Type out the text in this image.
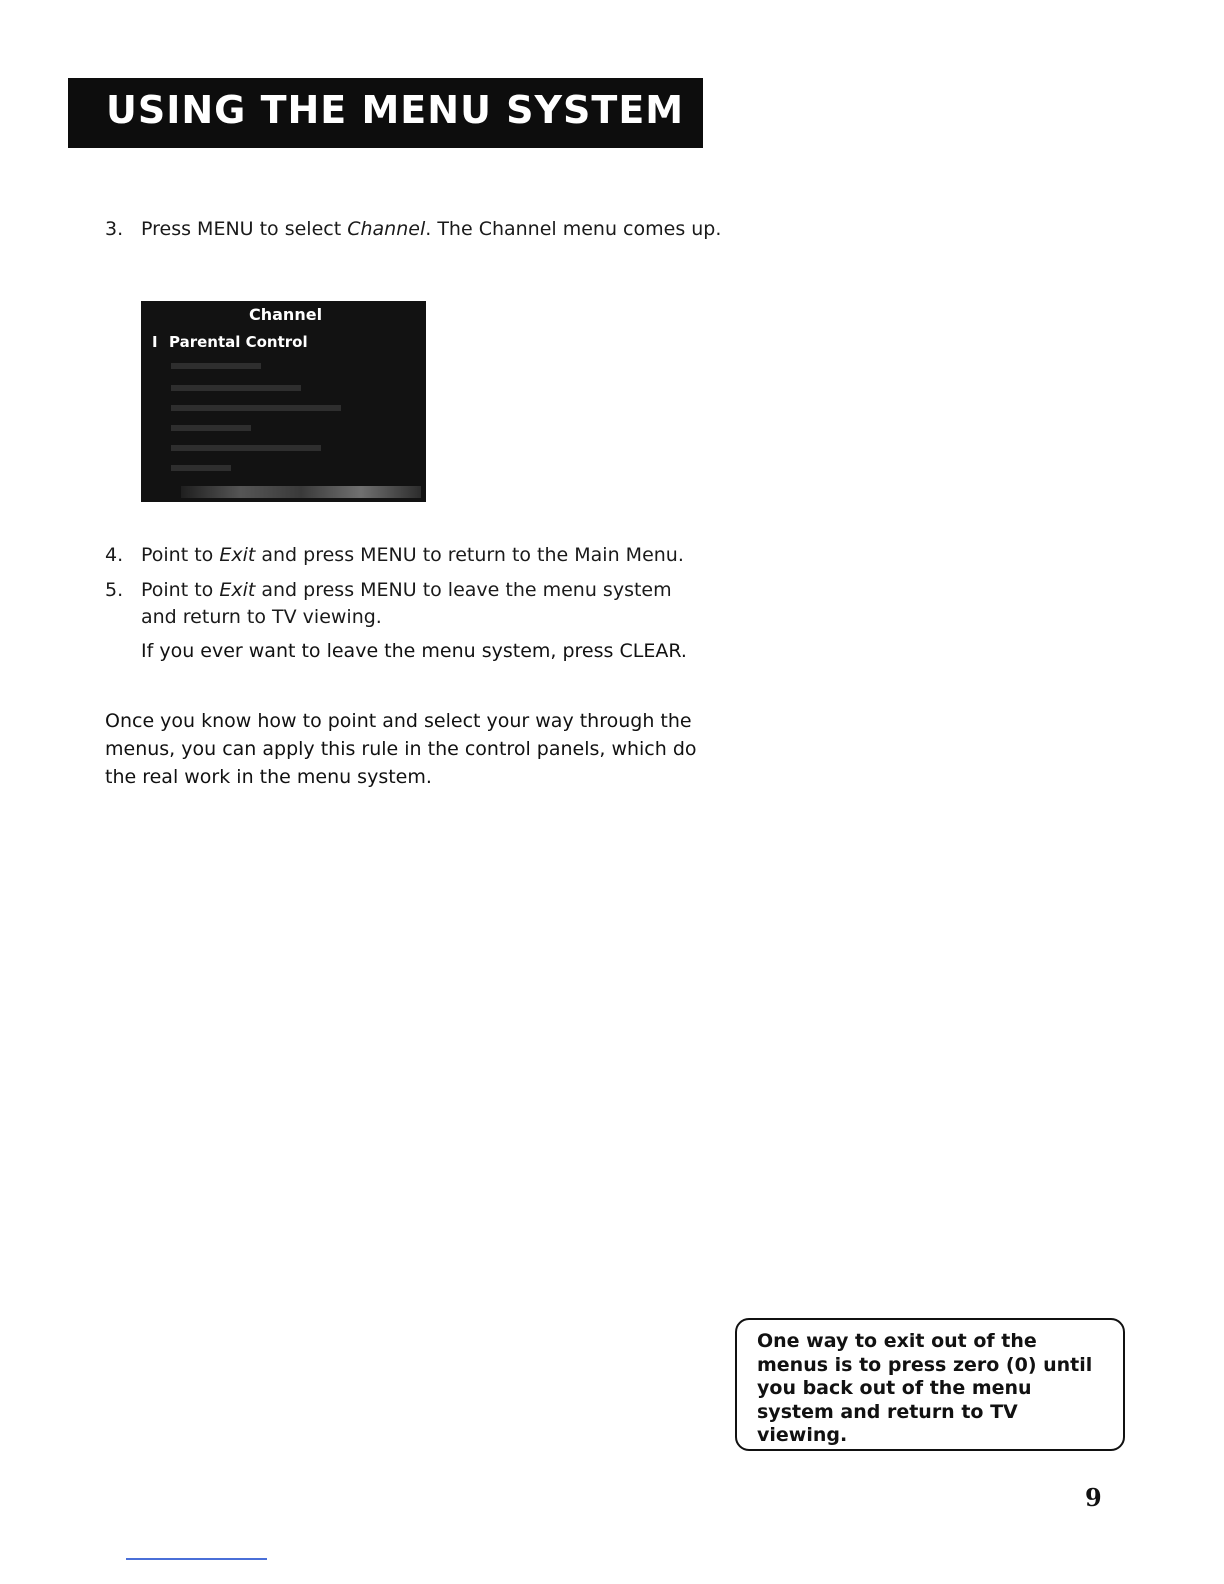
USING THE MENU SYSTEM
3. Press MENU to select Channel. The Channel menu comes up.
Channel
I Parental Control
4. Point to Exit and press MENU to return to the Main Menu.
5. Point to Exit and press MENU to leave the menu system and return to TV viewing.
If you ever want to leave the menu system, press CLEAR.
Once you know how to point and select your way through the menus, you can apply this rule in the control panels, which do the real work in the menu system.
One way to exit out of the menus is to press zero (0) until you back out of the menu system and return to TV viewing.
9
